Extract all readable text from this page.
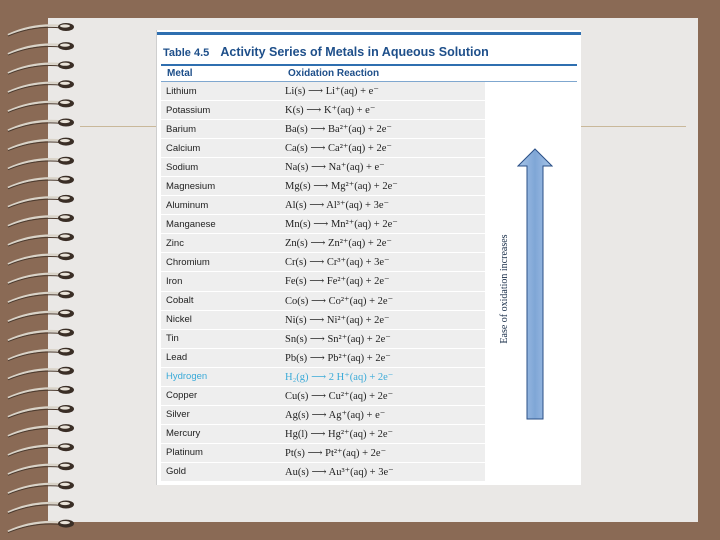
Table 4.5 Activity Series of Metals in Aqueous Solution
Metal	Oxidation Reaction
Lithium	Li(s) ⟶ Li⁺(aq) + e⁻
Potassium	K(s) ⟶ K⁺(aq) + e⁻
Barium	Ba(s) ⟶ Ba²⁺(aq) + 2e⁻
Calcium	Ca(s) ⟶ Ca²⁺(aq) + 2e⁻
Sodium	Na(s) ⟶ Na⁺(aq) + e⁻
Magnesium	Mg(s) ⟶ Mg²⁺(aq) + 2e⁻
Aluminum	Al(s) ⟶ Al³⁺(aq) + 3e⁻
Manganese	Mn(s) ⟶ Mn²⁺(aq) + 2e⁻
Zinc	Zn(s) ⟶ Zn²⁺(aq) + 2e⁻
Chromium	Cr(s) ⟶ Cr³⁺(aq) + 3e⁻
Iron	Fe(s) ⟶ Fe²⁺(aq) + 2e⁻
Cobalt	Co(s) ⟶ Co²⁺(aq) + 2e⁻
Nickel	Ni(s) ⟶ Ni²⁺(aq) + 2e⁻
Tin	Sn(s) ⟶ Sn²⁺(aq) + 2e⁻
Lead	Pb(s) ⟶ Pb²⁺(aq) + 2e⁻
Hydrogen	H₂(g) ⟶ 2 H⁺(aq) + 2e⁻
Copper	Cu(s) ⟶ Cu²⁺(aq) + 2e⁻
Silver	Ag(s) ⟶ Ag⁺(aq) + e⁻
Mercury	Hg(l) ⟶ Hg²⁺(aq) + 2e⁻
Platinum	Pt(s) ⟶ Pt²⁺(aq) + 2e⁻
Gold	Au(s) ⟶ Au³⁺(aq) + 3e⁻
Ease of oxidation increases
